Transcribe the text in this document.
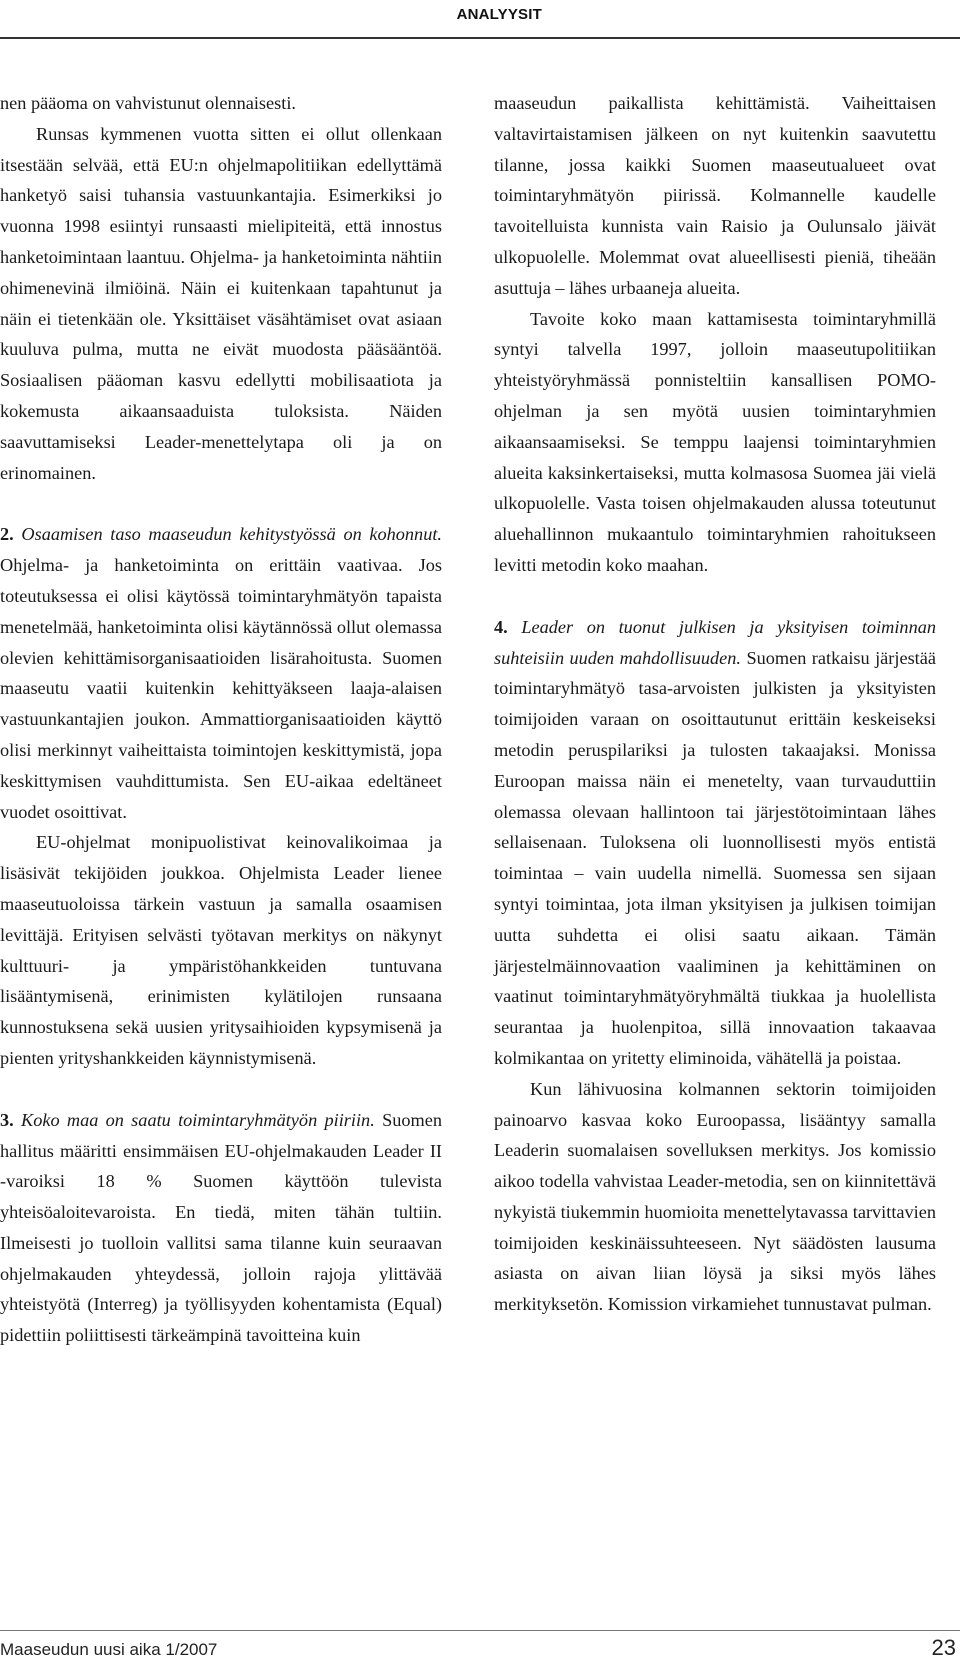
ANALYYSIT

nen pääoma on vahvistunut olennaisesti.

Runsas kymmenen vuotta sitten ei ollut ollenkaan itsestään selvää, että EU:n ohjelmapolitiikan edellyttämä hanketyö saisi tuhansia vastuunkantajia. Esimerkiksi jo vuonna 1998 esiintyi runsaasti mielipiteitä, että innostus hanketoimintaan laantuu. Ohjelma- ja hanketoiminta nähtiin ohimenevinä ilmiöinä. Näin ei kuitenkaan tapahtunut ja näin ei tietenkään ole. Yksittäiset väsähtämiset ovat asiaan kuuluva pulma, mutta ne eivät muodosta pääsääntöä. Sosiaalisen pääoman kasvu edellytti mobilisaatiota ja kokemusta aikaansaaduista tuloksista. Näiden saavuttamiseksi Leader-menettelytapa oli ja on erinomainen.

2. Osaamisen taso maaseudun kehitystyössä on kohonnut. Ohjelma- ja hanketoiminta on erittäin vaativaa. Jos toteutuksessa ei olisi käytössä toimintaryhmätyön tapaista menetelmää, hanketoiminta olisi käytännössä ollut olemassa olevien kehittämisorganisaatioiden lisärahoitusta. Suomen maaseutu vaatii kuitenkin kehittyäkseen laaja-alaisen vastuunkantajien joukon. Ammattiorganisaatioiden käyttö olisi merkinnyt vaiheittaista toimintojen keskittymistä, jopa keskittymisen vauhdittumista. Sen EU-aikaa edeltäneet vuodet osoittivat.

EU-ohjelmat monipuolistivat keinovalikoimaa ja lisäsivät tekijöiden joukkoa. Ohjelmista Leader lienee maaseutuoloissa tärkein vastuun ja samalla osaamisen levittäjä. Erityisen selvästi työtavan merkitys on näkynyt kulttuuri- ja ympäristöhankkeiden tuntuvana lisääntymisenä, erinimisten kylätilojen runsaana kunnostuksena sekä uusien yritysaihioiden kypsymisenä ja pienten yrityshankkeiden käynnistymisenä.

3. Koko maa on saatu toimintaryhmätyön piiriin. Suomen hallitus määritti ensimmäisen EU-ohjelmakauden Leader II -varoiksi 18 % Suomen käyttöön tulevista yhteisöaloitevaroista. En tiedä, miten tähän tultiin. Ilmeisesti jo tuolloin vallitsi sama tilanne kuin seuraavan ohjelmakauden yhteydessä, jolloin rajoja ylittävää yhteistyötä (Interreg) ja työllisyyden kohentamista (Equal) pidettiin poliittisesti tärkeämpinä tavoitteina kuin

maaseudun paikallista kehittämistä. Vaiheittaisen valtavirtaistamisen jälkeen on nyt kuitenkin saavutettu tilanne, jossa kaikki Suomen maaseutualueet ovat toimintaryhmätyön piirissä. Kolmannelle kaudelle tavoitelluista kunnista vain Raisio ja Oulunsalo jäivät ulkopuolelle. Molemmat ovat alueellisesti pieniä, tiheään asuttuja – lähes urbaaneja alueita.

Tavoite koko maan kattamisesta toimintaryhmillä syntyi talvella 1997, jolloin maaseutupolitiikan yhteistyöryhmässä ponnisteltiin kansallisen POMO-ohjelman ja sen myötä uusien toimintaryhmien aikaansaamiseksi. Se temppu laajensi toimintaryhmien alueita kaksinkertaiseksi, mutta kolmasosa Suomea jäi vielä ulkopuolelle. Vasta toisen ohjelmakauden alussa toteutunut aluehallinnon mukaantulo toimintaryhmien rahoitukseen levitti metodin koko maahan.

4. Leader on tuonut julkisen ja yksityisen toiminnan suhteisiin uuden mahdollisuuden. Suomen ratkaisu järjestää toimintaryhmätyö tasa-arvoisten julkisten ja yksityisten toimijoiden varaan on osoittautunut erittäin keskeiseksi metodin peruspilariksi ja tulosten takaajaksi. Monissa Euroopan maissa näin ei menetelty, vaan turvauduttiin olemassa olevaan hallintoon tai järjestötoimintaan lähes sellaisenaan. Tuloksena oli luonnollisesti myös entistä toimintaa – vain uudella nimellä. Suomessa sen sijaan syntyi toimintaa, jota ilman yksityisen ja julkisen toimijan uutta suhdetta ei olisi saatu aikaan. Tämän järjestelmäinnovaation vaaliminen ja kehittäminen on vaatinut toimintaryhmätyöryhmältä tiukkaa ja huolellista seurantaa ja huolenpitoa, sillä innovaation takaavaa kolmikantaa on yritetty eliminoida, vähätellä ja poistaa.

Kun lähivuosina kolmannen sektorin toimijoiden painoarvo kasvaa koko Euroopassa, lisääntyy samalla Leaderin suomalaisen sovelluksen merkitys. Jos komissio aikoo todella vahvistaa Leader-metodia, sen on kiinnitettävä nykyistä tiukemmin huomioita menettelytavassa tarvittavien toimijoiden keskinäissuhteeseen. Nyt säädösten lausuma asiasta on aivan liian löysä ja siksi myös lähes merkityksetön. Komission virkamiehet tunnustavat pulman.

Maaseudun uusi aika 1/2007	23
